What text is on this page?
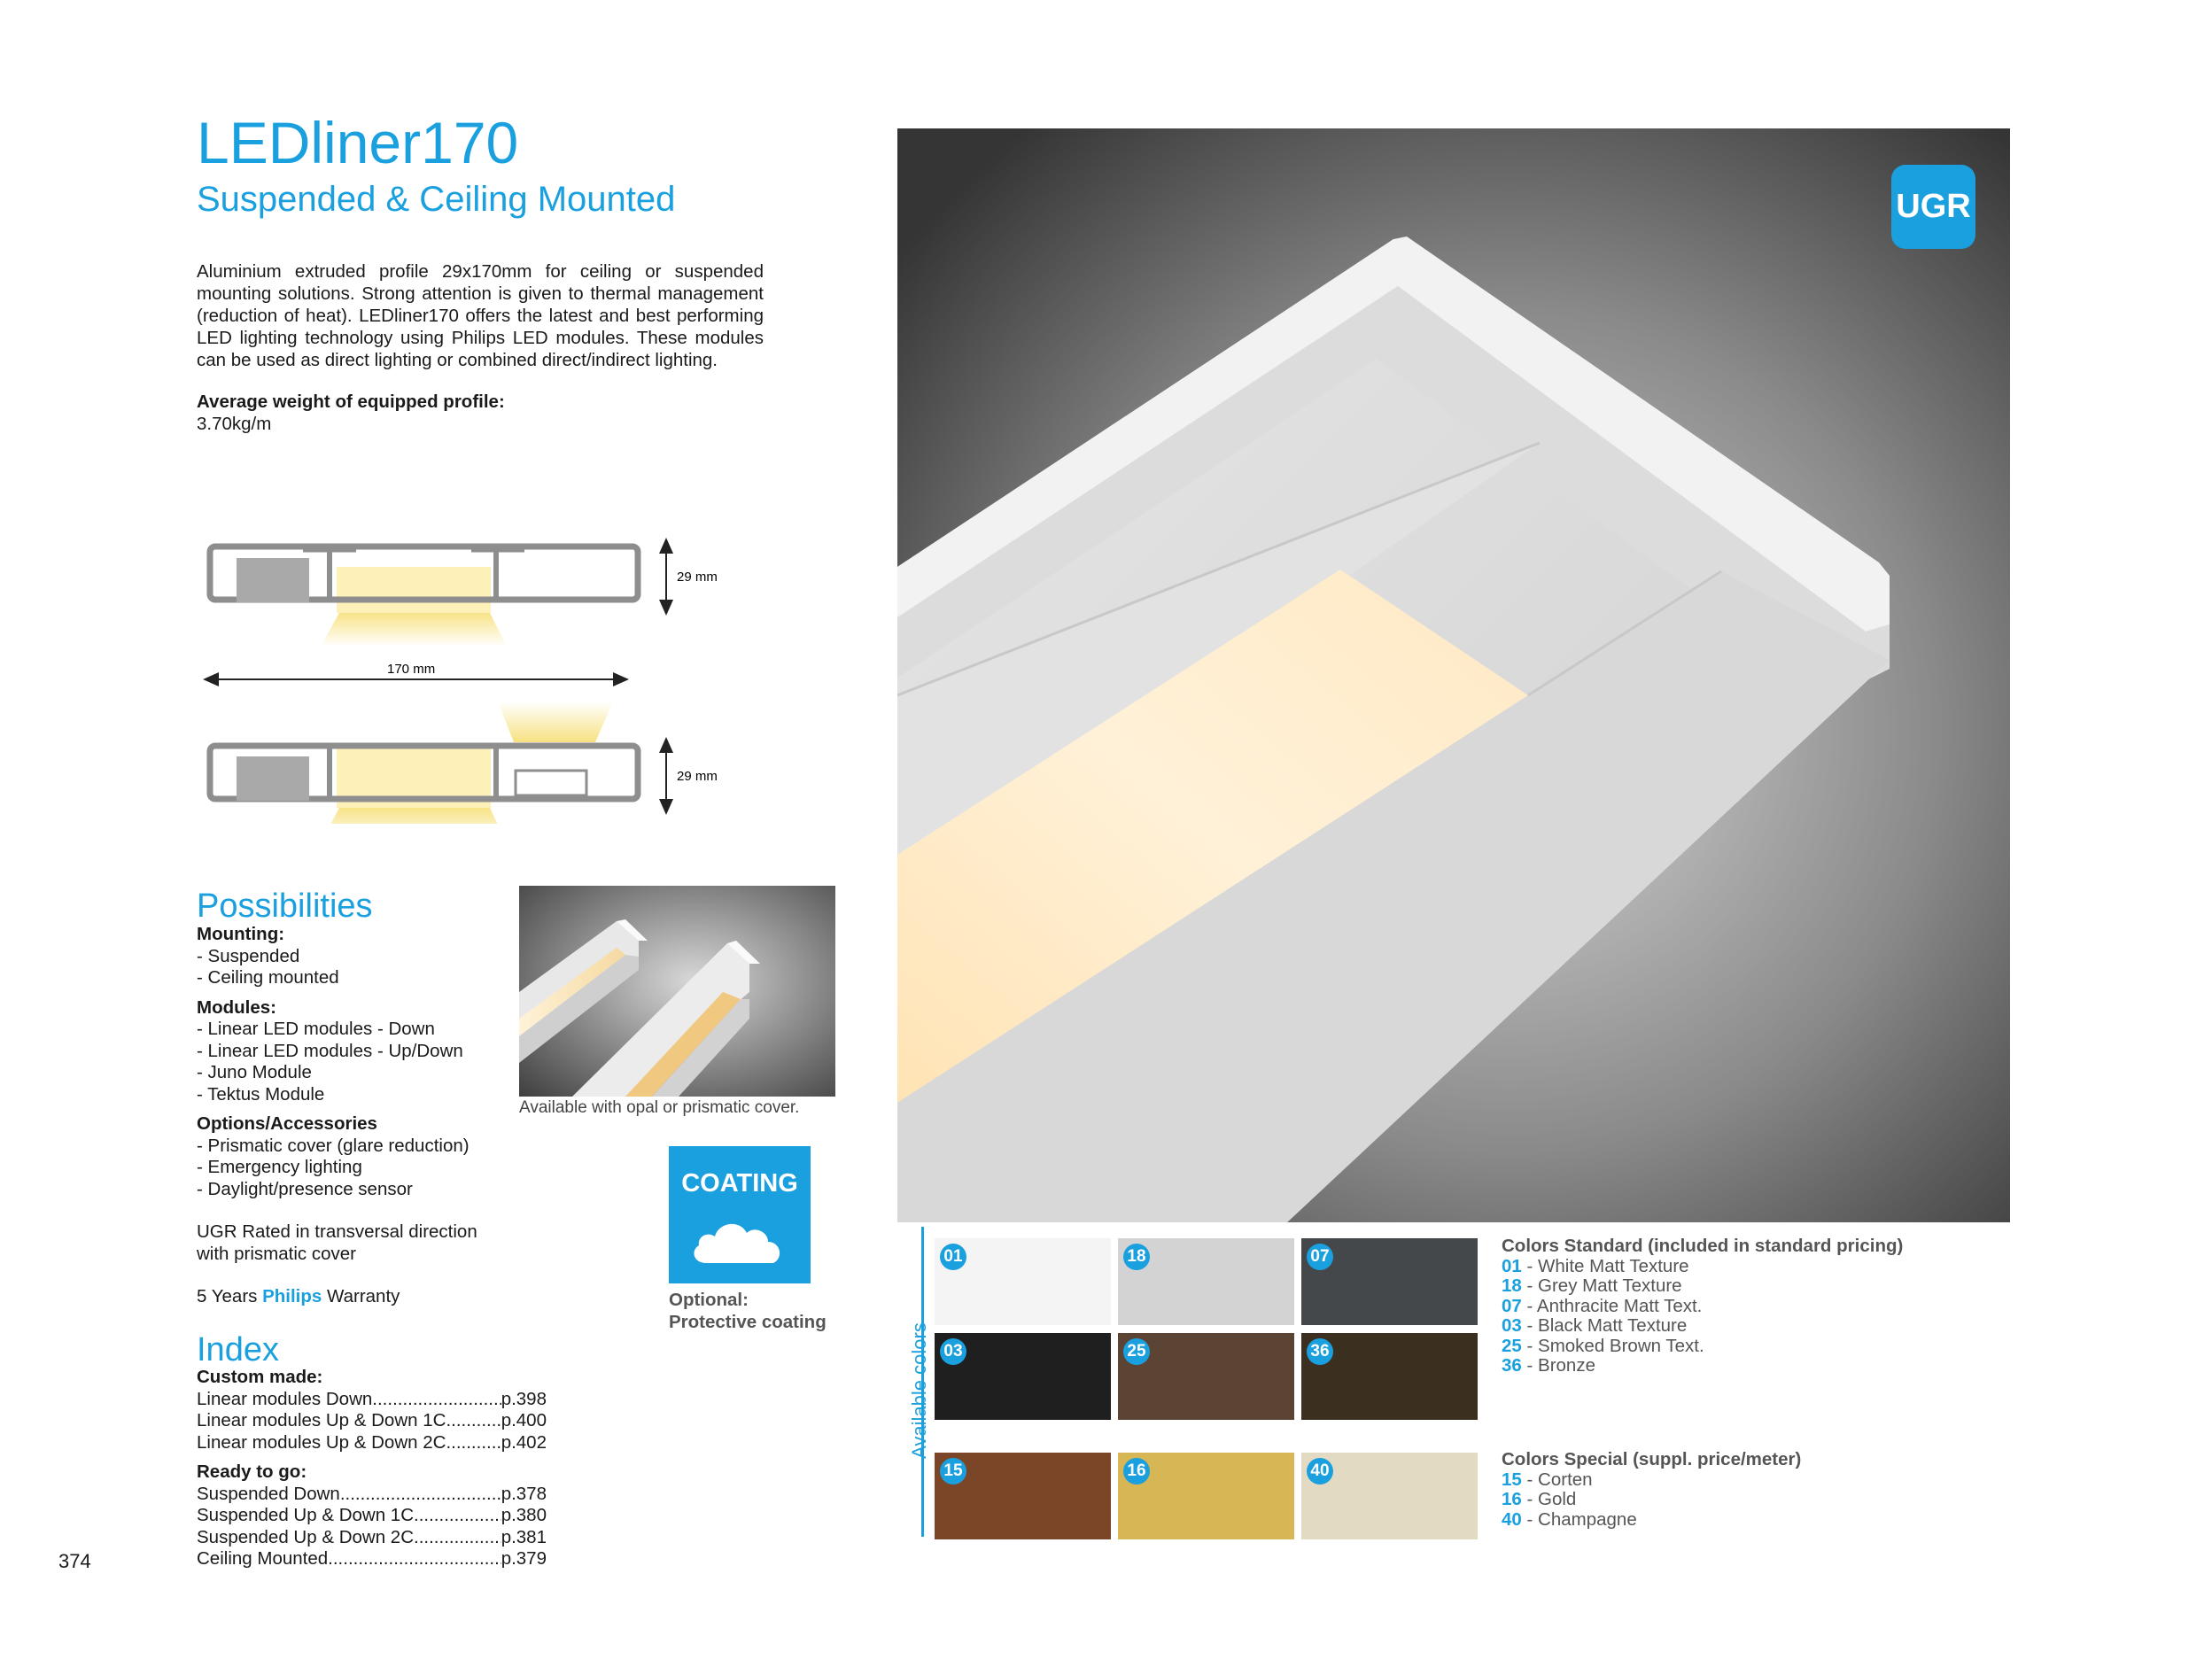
LEDliner170
Suspended & Ceiling Mounted
Aluminium extruded profile 29x170mm for ceiling or suspended mounting solutions. Strong attention is given to thermal management (reduction of heat). LEDliner170 offers the latest and best performing LED lighting technology using Philips LED modules. These modules can be used as direct lighting or combined direct/indirect lighting.
Average weight of equipped profile:
3.70kg/m
29 mm
170 mm
29 mm
Possibilities
Mounting:
- Suspended
- Ceiling mounted
Modules:
- Linear LED modules - Down
- Linear LED modules - Up/Down
- Juno Module
- Tektus Module
Options/Accessories
- Prismatic cover (glare reduction)
- Emergency lighting
- Daylight/presence sensor
UGR Rated in transversal direction
with prismatic cover
5 Years Philips Warranty
Available with opal or prismatic cover.
COATING
Optional:
Protective coating
Index
Custom made:
Linear modules Down .....	p.398
Linear modules Up & Down 1C .....	p.400
Linear modules Up & Down 2C .....	p.402
Ready to go:
Suspended Down .....	p.378
Suspended Up & Down 1C .....	p.380
Suspended Up & Down 2C .....	p.381
Ceiling Mounted .....	p.379
374
UGR
Available colors
01	18	07
03	25	36
15	16	40
Colors Standard (included in standard pricing)
01 - White Matt Texture
18 - Grey Matt Texture
07 - Anthracite Matt Text.
03 - Black Matt Texture
25 - Smoked Brown Text.
36 - Bronze
Colors Special (suppl. price/meter)
15 - Corten
16 - Gold
40 - Champagne
